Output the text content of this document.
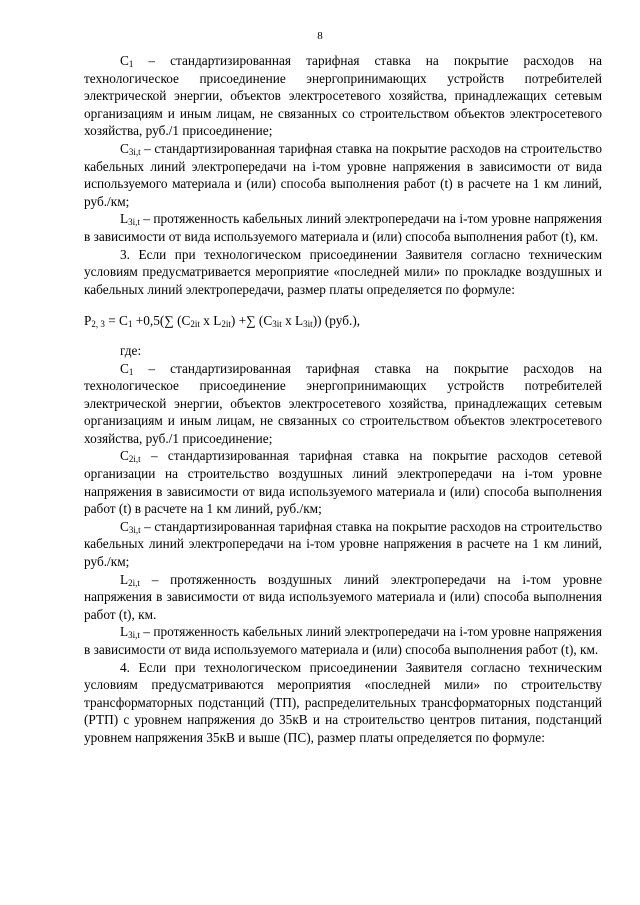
8

$C_1$ – стандартизированная тарифная ставка на покрытие расходов на технологическое присоединение энергопринимающих устройств потребителей электрической энергии, объектов электросетевого хозяйства, принадлежащих сетевым организациям и иным лицам, не связанных со строительством объектов электросетевого хозяйства, руб./1 присоединение;

$C_{3i,t}$ – стандартизированная тарифная ставка на покрытие расходов на строительство кабельных линий электропередачи на i-том уровне напряжения в зависимости от вида используемого материала и (или) способа выполнения работ (t) в расчете на 1 км линий, руб./км;

$L_{3i,t}$ – протяженность кабельных линий электропередачи на i-том уровне напряжения в зависимости от вида используемого материала и (или) способа выполнения работ (t), км.

3. Если при технологическом присоединении Заявителя согласно техническим условиям предусматривается мероприятие «последней мили» по прокладке воздушных и кабельных линий электропередачи, размер платы определяется по формуле:

$P_{2, 3} = C_1 +0,5(\sum$ ($C_{2it}$ x $L_{2it}$) +∑ ($C_{3it}$ x $L_{3it}$)) (руб.),

где:

$C_1$ – стандартизированная тарифная ставка на покрытие расходов на технологическое присоединение энергопринимающих устройств потребителей электрической энергии, объектов электросетевого хозяйства, принадлежащих сетевым организациям и иным лицам, не связанных со строительством объектов электросетевого хозяйства, руб./1 присоединение;

$C_{2i,t}$ – стандартизированная тарифная ставка на покрытие расходов сетевой организации на строительство воздушных линий электропередачи на i-том уровне напряжения в зависимости от вида используемого материала и (или) способа выполнения работ (t) в расчете на 1 км линий, руб./км;

$C_{3i,t}$ – стандартизированная тарифная ставка на покрытие расходов на строительство кабельных линий электропередачи на i-том уровне напряжения в расчете на 1 км линий, руб./км;

$L_{2i,t}$ – протяженность воздушных линий электропередачи на i-том уровне напряжения в зависимости от вида используемого материала и (или) способа выполнения работ (t), км.

$L_{3i,t}$ – протяженность кабельных линий электропередачи на i-том уровне напряжения в зависимости от вида используемого материала и (или) способа выполнения работ (t), км.

4. Если при технологическом присоединении Заявителя согласно техническим условиям предусматриваются мероприятия «последней мили» по строительству трансформаторных подстанций (ТП), распределительных трансформаторных подстанций (РТП) с уровнем напряжения до 35кВ и на строительство центров питания, подстанций уровнем напряжения 35кВ и выше (ПС), размер платы определяется по формуле:
